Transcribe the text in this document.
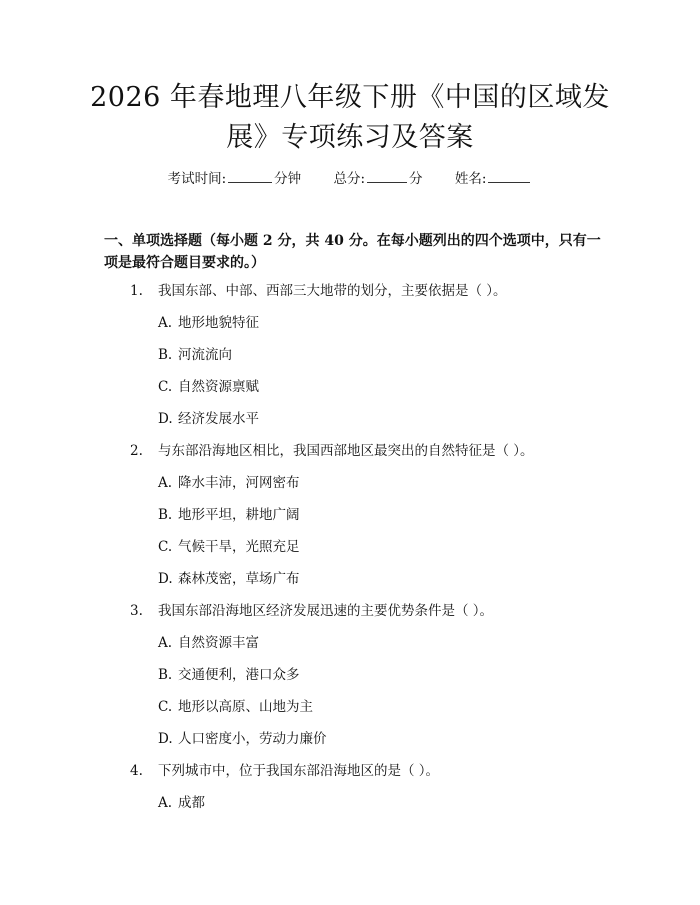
2026 年春地理八年级下册《中国的区域发
展》专项练习及答案
考试时间:	分钟 总分:	分 姓名:
一、单项选择题（每小题 2 分，共 40 分。在每小题列出的四个选项中，只有一项是最符合题目要求的。）
1. 我国东部、中部、西部三大地带的划分，主要依据是（ ）。
A. 地形地貌特征
B. 河流流向
C. 自然资源禀赋
D. 经济发展水平
2. 与东部沿海地区相比，我国西部地区最突出的自然特征是（ ）。
A. 降水丰沛，河网密布
B. 地形平坦，耕地广阔
C. 气候干旱，光照充足
D. 森林茂密，草场广布
3. 我国东部沿海地区经济发展迅速的主要优势条件是（ ）。
A. 自然资源丰富
B. 交通便利，港口众多
C. 地形以高原、山地为主
D. 人口密度小，劳动力廉价
4. 下列城市中，位于我国东部沿海地区的是（ ）。
A. 成都
